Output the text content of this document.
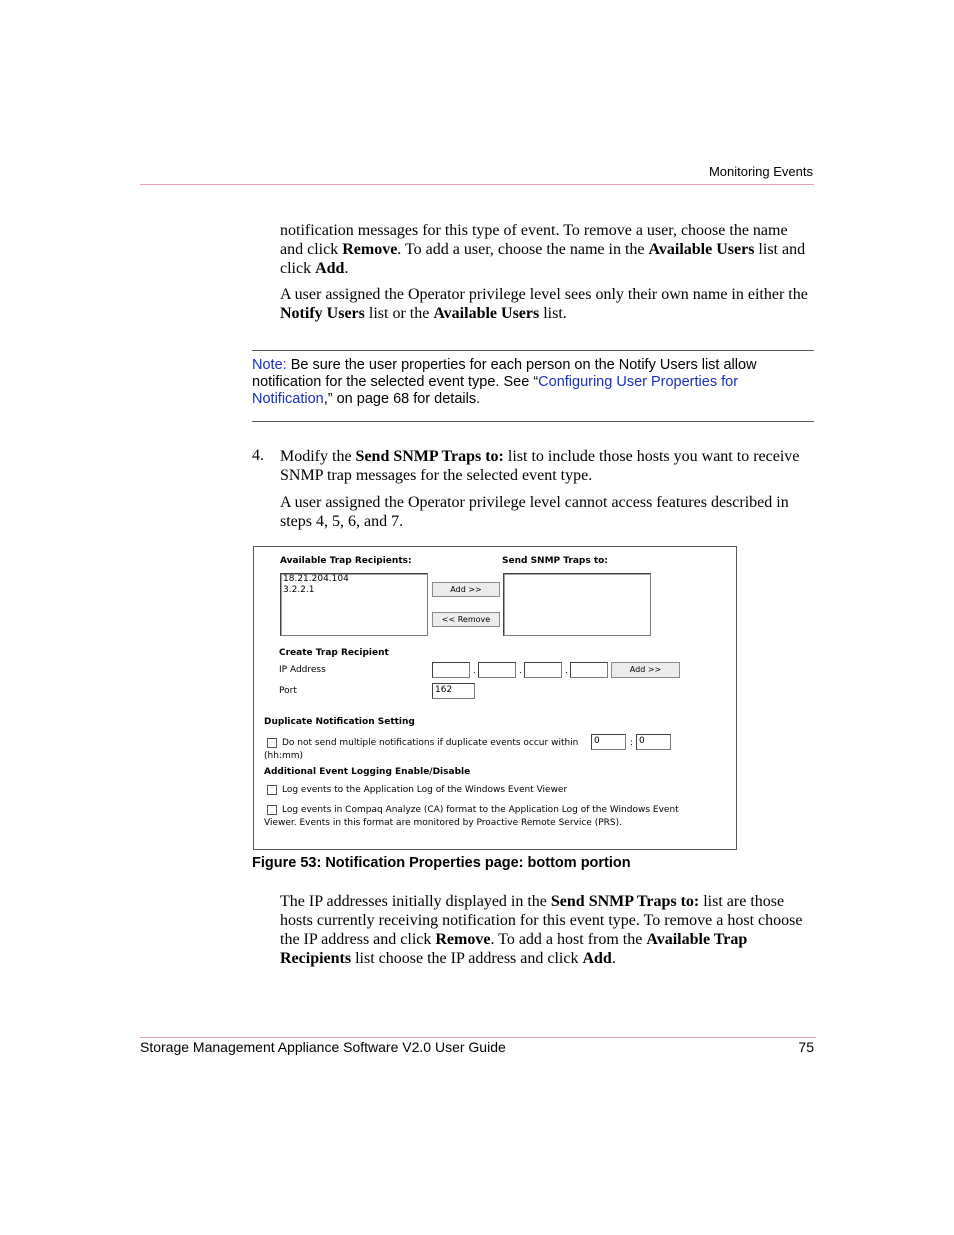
Monitoring Events
notification messages for this type of event. To remove a user, choose the name and click Remove. To add a user, choose the name in the Available Users list and click Add.
A user assigned the Operator privilege level sees only their own name in either the Notify Users list or the Available Users list.
Note: Be sure the user properties for each person on the Notify Users list allow notification for the selected event type. See “Configuring User Properties for Notification,” on page 68 for details.
4. Modify the Send SNMP Traps to: list to include those hosts you want to receive SNMP trap messages for the selected event type.
A user assigned the Operator privilege level cannot access features described in steps 4, 5, 6, and 7.
Available Trap Recipients:	Send SNMP Traps to:
18.21.204.104
3.2.2.1	Add >>
<< Remove
Create Trap Recipient
IP Address	.	.	.	Add >>
Port	162
Duplicate Notification Setting
Do not send multiple notifications if duplicate events occur within	0	: 0
(hh:mm)
Additional Event Logging Enable/Disable
Log events to the Application Log of the Windows Event Viewer
Log events in Compaq Analyze (CA) format to the Application Log of the Windows Event
Viewer. Events in this format are monitored by Proactive Remote Service (PRS).
Figure 53: Notification Properties page: bottom portion
The IP addresses initially displayed in the Send SNMP Traps to: list are those hosts currently receiving notification for this event type. To remove a host choose the IP address and click Remove. To add a host from the Available Trap Recipients list choose the IP address and click Add.
Storage Management Appliance Software V2.0 User Guide	75
